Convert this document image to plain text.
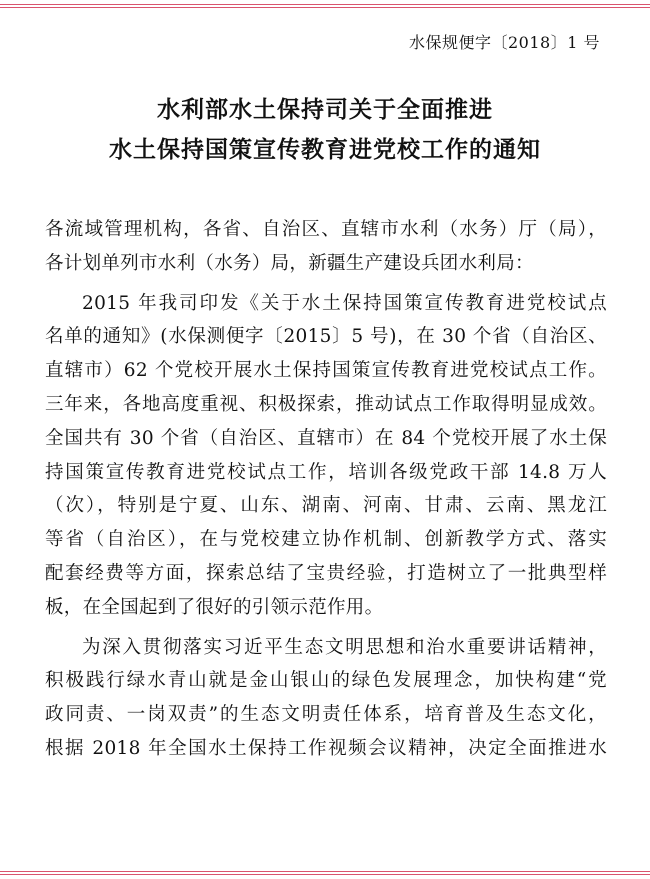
水保规便字〔2018〕1 号
水利部水土保持司关于全面推进
水土保持国策宣传教育进党校工作的通知
各流域管理机构，各省、自治区、直辖市水利（水务）厅（局），
各计划单列市水利（水务）局，新疆生产建设兵团水利局：
2015 年我司印发《关于水土保持国策宣传教育进党校试点
名单的通知》(水保测便字〔2015〕5 号)，在 30 个省（自治区、
直辖市）62 个党校开展水土保持国策宣传教育进党校试点工作。
三年来，各地高度重视、积极探索，推动试点工作取得明显成效。
全国共有 30 个省（自治区、直辖市）在 84 个党校开展了水土保
持国策宣传教育进党校试点工作，培训各级党政干部 14.8 万人
（次），特别是宁夏、山东、湖南、河南、甘肃、云南、黑龙江
等省（自治区），在与党校建立协作机制、创新教学方式、落实
配套经费等方面，探索总结了宝贵经验，打造树立了一批典型样
板，在全国起到了很好的引领示范作用。
为深入贯彻落实习近平生态文明思想和治水重要讲话精神，
积极践行绿水青山就是金山银山的绿色发展理念，加快构建“党
政同责、一岗双责”的生态文明责任体系，培育普及生态文化，
根据 2018 年全国水土保持工作视频会议精神，决定全面推进水
